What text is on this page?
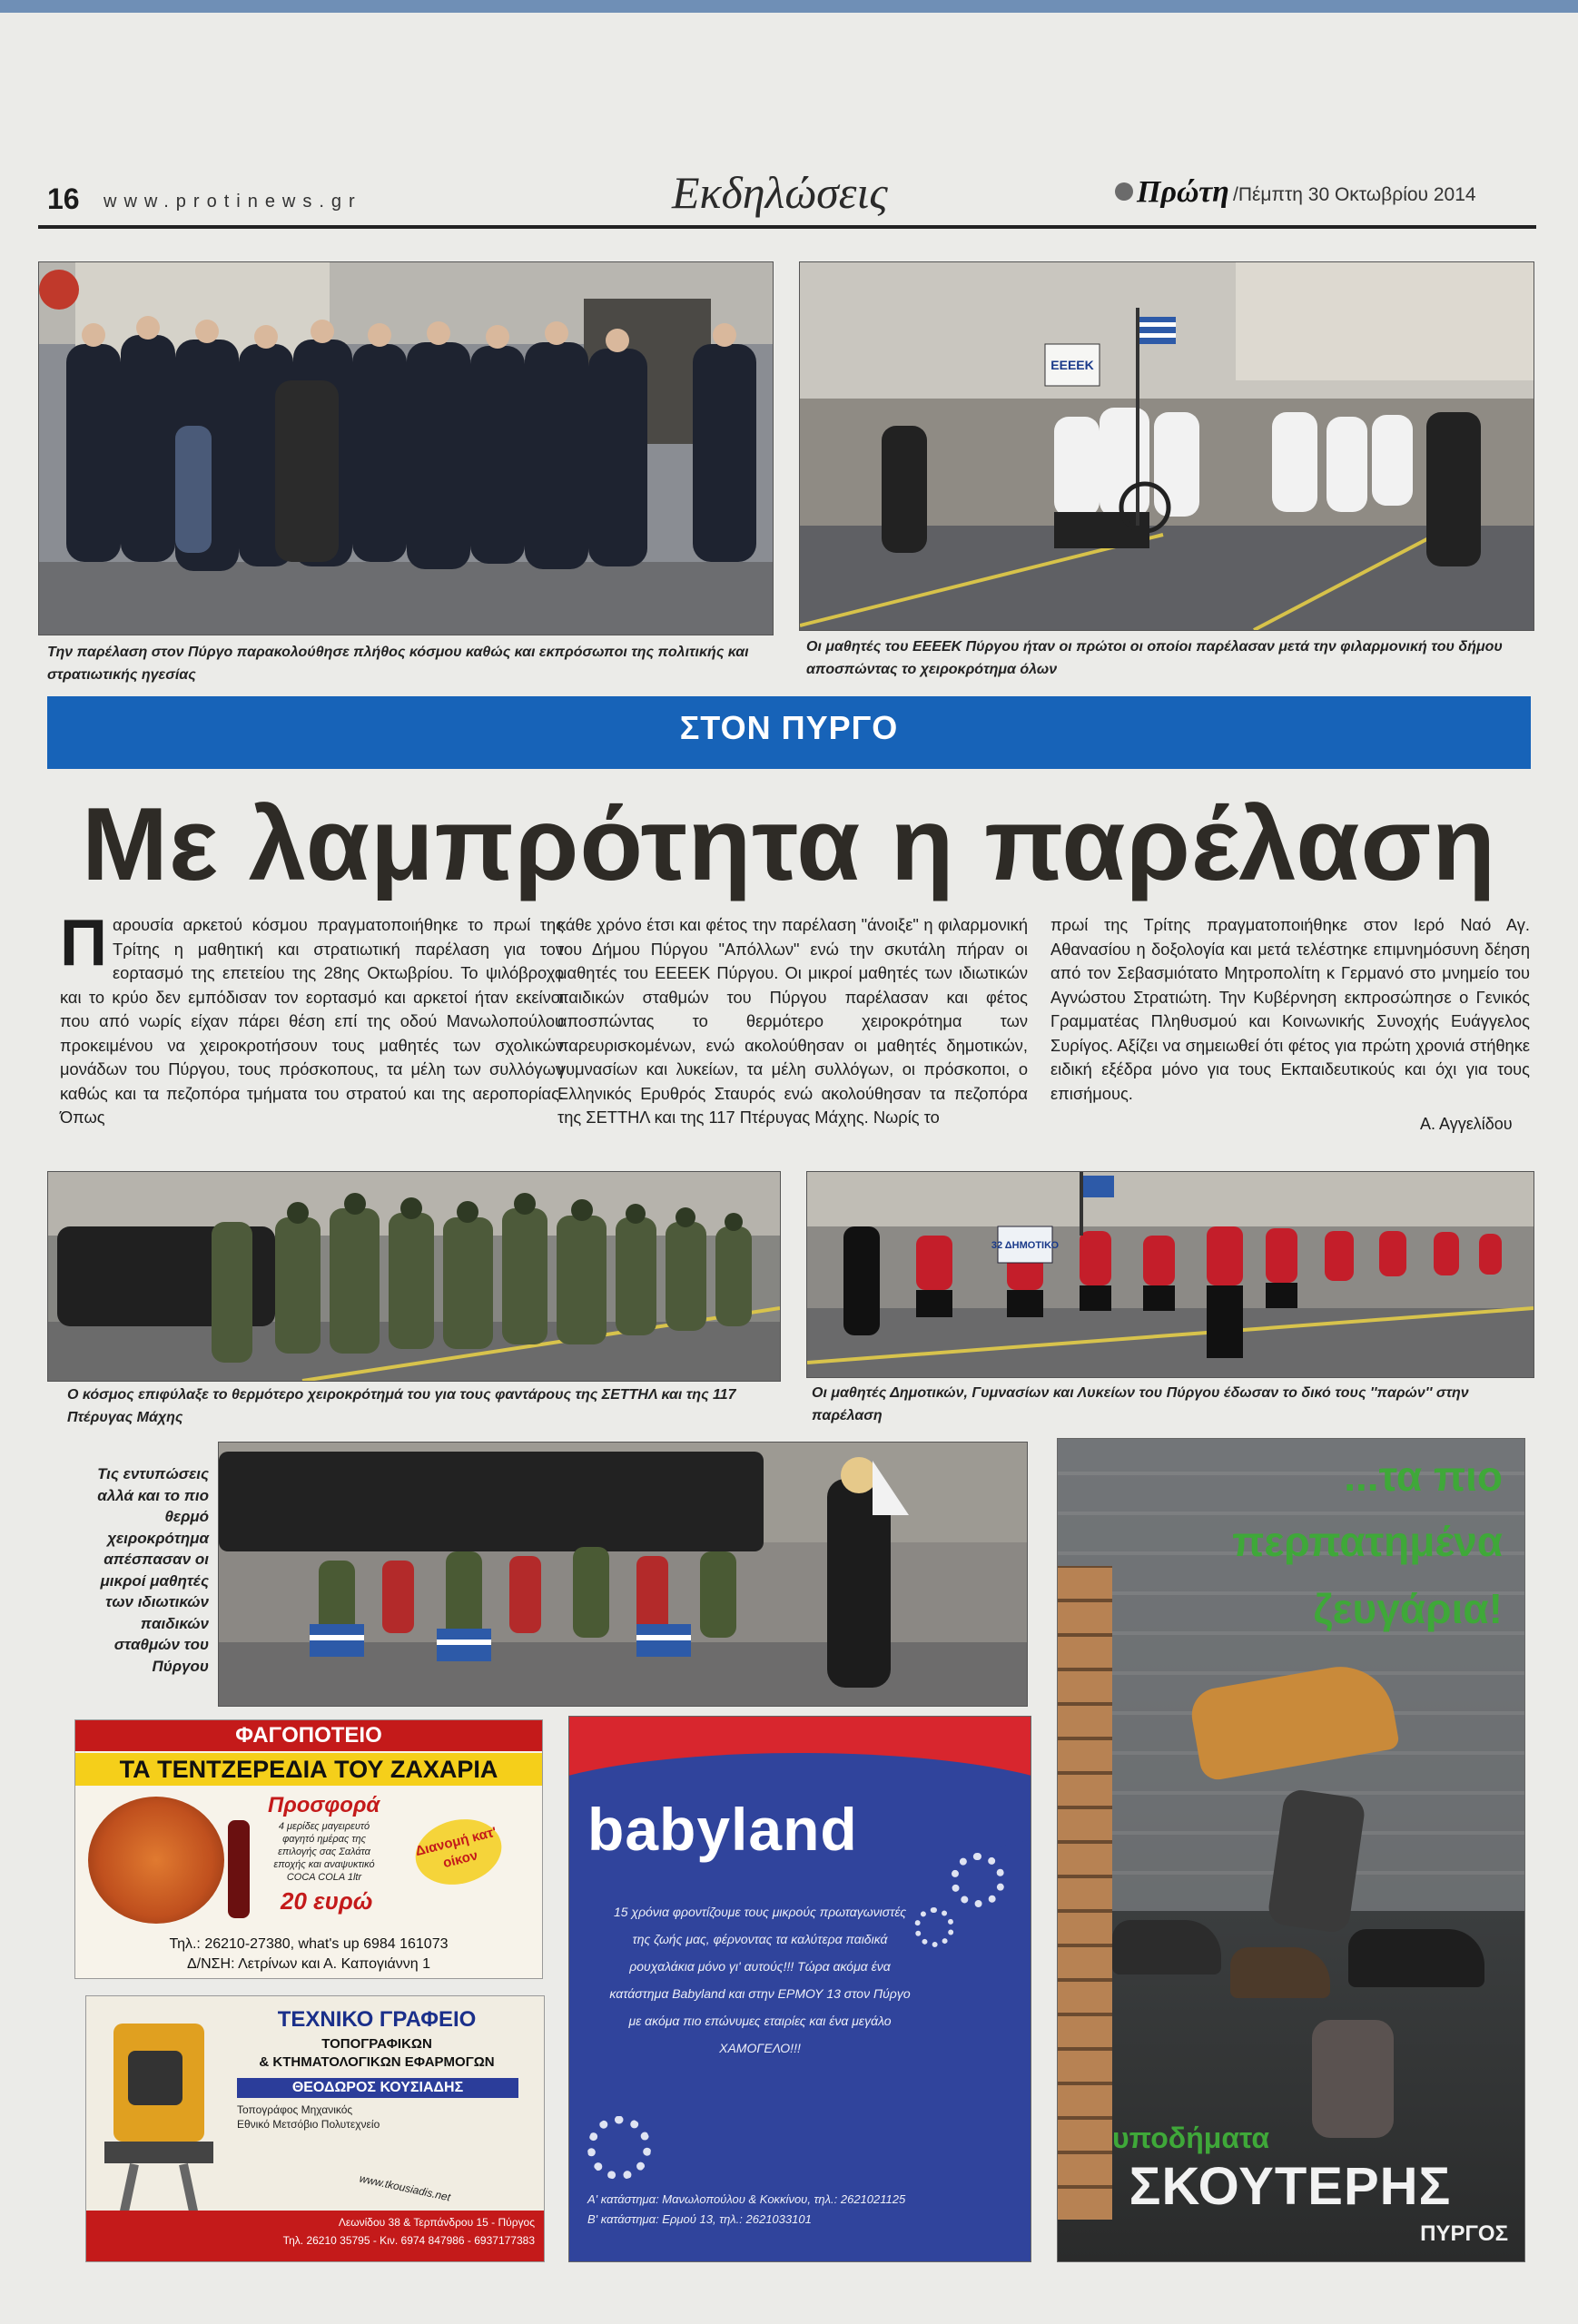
16 www.protinews.gr	Εκδηλώσεις	Πρώτη /Πέμπτη 30 Οκτωβρίου 2014
Την παρέλαση στον Πύργο παρακολούθησε πλήθος κόσμου καθώς και εκπρόσωποι της πολιτικής και στρατιωτικής ηγεσίας
ΕΕΕΕΚ
Οι μαθητές του ΕΕΕΕΚ Πύργου ήταν οι πρώτοι οι οποίοι παρέλασαν μετά την φιλαρμονική του δήμου αποσπώντας το χειροκρότημα όλων
ΣΤΟΝ ΠΥΡΓΟ
Με λαμπρότητα η παρέλαση
Παρουσία αρκετού κόσμου πραγματοποιήθηκε το πρωί της Τρίτης η μαθητική και στρατιωτική παρέλαση για τον εορτασμό της επετείου της 28ης Οκτωβρίου. Το ψιλόβροχο και το κρύο δεν εμπόδισαν τον εορτασμό και αρκετοί ήταν εκείνοι που από νωρίς είχαν πάρει θέση επί της οδού Μανωλοπούλου προκειμένου να χειροκροτήσουν τους μαθητές των σχολικών μονάδων του Πύργου, τους πρόσκοπους, τα μέλη των συλλόγων καθώς και τα πεζοπόρα τμήματα του στρατού και της αεροπορίας. Όπως
κάθε χρόνο έτσι και φέτος την παρέλαση "άνοιξε" η φιλαρμονική του Δήμου Πύργου "Απόλλων" ενώ την σκυτάλη πήραν οι μαθητές του ΕΕΕΕΚ Πύργου. Οι μικροί μαθητές των ιδιωτικών παιδικών σταθμών του Πύργου παρέλασαν και φέτος αποσπώντας το θερμότερο χειροκρότημα των παρευρισκομένων, ενώ ακολούθησαν οι μαθητές δημοτικών, γυμνασίων και λυκείων, τα μέλη συλλόγων, οι πρόσκοποι, ο Ελληνικός Ερυθρός Σταυρός ενώ ακολούθησαν τα πεζοπόρα της ΣΕΤΤΗΛ και της 117 Πτέρυγας Μάχης. Νωρίς το
πρωί της Τρίτης πραγματοποιήθηκε στον Ιερό Ναό Αγ. Αθανασίου η δοξολογία και μετά τελέστηκε επιμνημόσυνη δέηση από τον Σεβασμιότατο Μητροπολίτη κ Γερμανό στο μνημείο του Αγνώστου Στρατιώτη. Την Κυβέρνηση εκπροσώπησε ο Γενικός Γραμματέας Πληθυσμού και Κοινωνικής Συνοχής Ευάγγελος Συρίγος. Αξίζει να σημειωθεί ότι φέτος για πρώτη χρονιά στήθηκε ειδική εξέδρα μόνο για τους Εκπαιδευτικούς και όχι για τους επισήμους.
Α. Αγγελίδου
Ο κόσμος επιφύλαξε το θερμότερο χειροκρότημά του για τους φαντάρους της ΣΕΤΤΗΛ και της 117 Πτέρυγας Μάχης
32 ΔΗΜΟΤΙΚΟ
Οι μαθητές Δημοτικών, Γυμνασίων και Λυκείων του Πύργου έδωσαν το δικό τους ''παρών'' στην παρέλαση
Τις εντυπώσεις αλλά και το πιο θερμό χειροκρότημα απέσπασαν οι μικροί μαθητές των ιδιωτικών παιδικών σταθμών του Πύργου
ΦΑΓΟΠΟΤΕΙΟ
ΤΑ ΤΕΝΤΖΕΡΕΔΙΑ ΤΟΥ ΖΑΧΑΡΙΑ
Προσφορά
4 μερίδες μαγειρευτό φαγητό ημέρας της επιλογής σας Σαλάτα εποχής και αναψυκτικό COCA COLA 1ltr
Διανομή κατ' οίκον
20 ευρώ
Τηλ.: 26210-27380, what's up 6984 161073
Δ/ΝΣΗ: Λετρίνων και Α. Καπογιάννη 1
ΤΕΧΝΙΚΟ ΓΡΑΦΕΙΟ
ΤΟΠΟΓΡΑΦΙΚΩΝ
& ΚΤΗΜΑΤΟΛΟΓΙΚΩΝ ΕΦΑΡΜΟΓΩΝ
ΘΕΟΔΩΡΟΣ ΚΟΥΣΙΑΔΗΣ
Τοπογράφος Μηχανικός
Εθνικό Μετσόβιο Πολυτεχνείο
www.tkousiadis.net
Λεωνίδου 38 & Τερπάνδρου 15 - Πύργος
Τηλ. 26210 35795 - Κιν. 6974 847986 - 6937177383
babyland
15 χρόνια φροντίζουμε τους μικρούς πρωταγωνιστές της ζωής μας, φέρνοντας τα καλύτερα παιδικά ρουχαλάκια μόνο γι' αυτούς!!! Τώρα ακόμα ένα κατάστημα Babyland και στην ΕΡΜΟΥ 13 στον Πύργο με ακόμα πιο επώνυμες εταιρίες και ένα μεγάλο ΧΑΜΟΓΕΛΟ!!!
Α' κατάστημα: Μανωλοπούλου & Κοκκίνου, τηλ.: 2621021125
Β' κατάστημα: Ερμού 13, τηλ.: 2621033101
...τα πιο
περπατημένα
ζευγάρια!
υποδήματα
ΣΚΟΥΤΕΡΗΣ
ΠΥΡΓΟΣ
